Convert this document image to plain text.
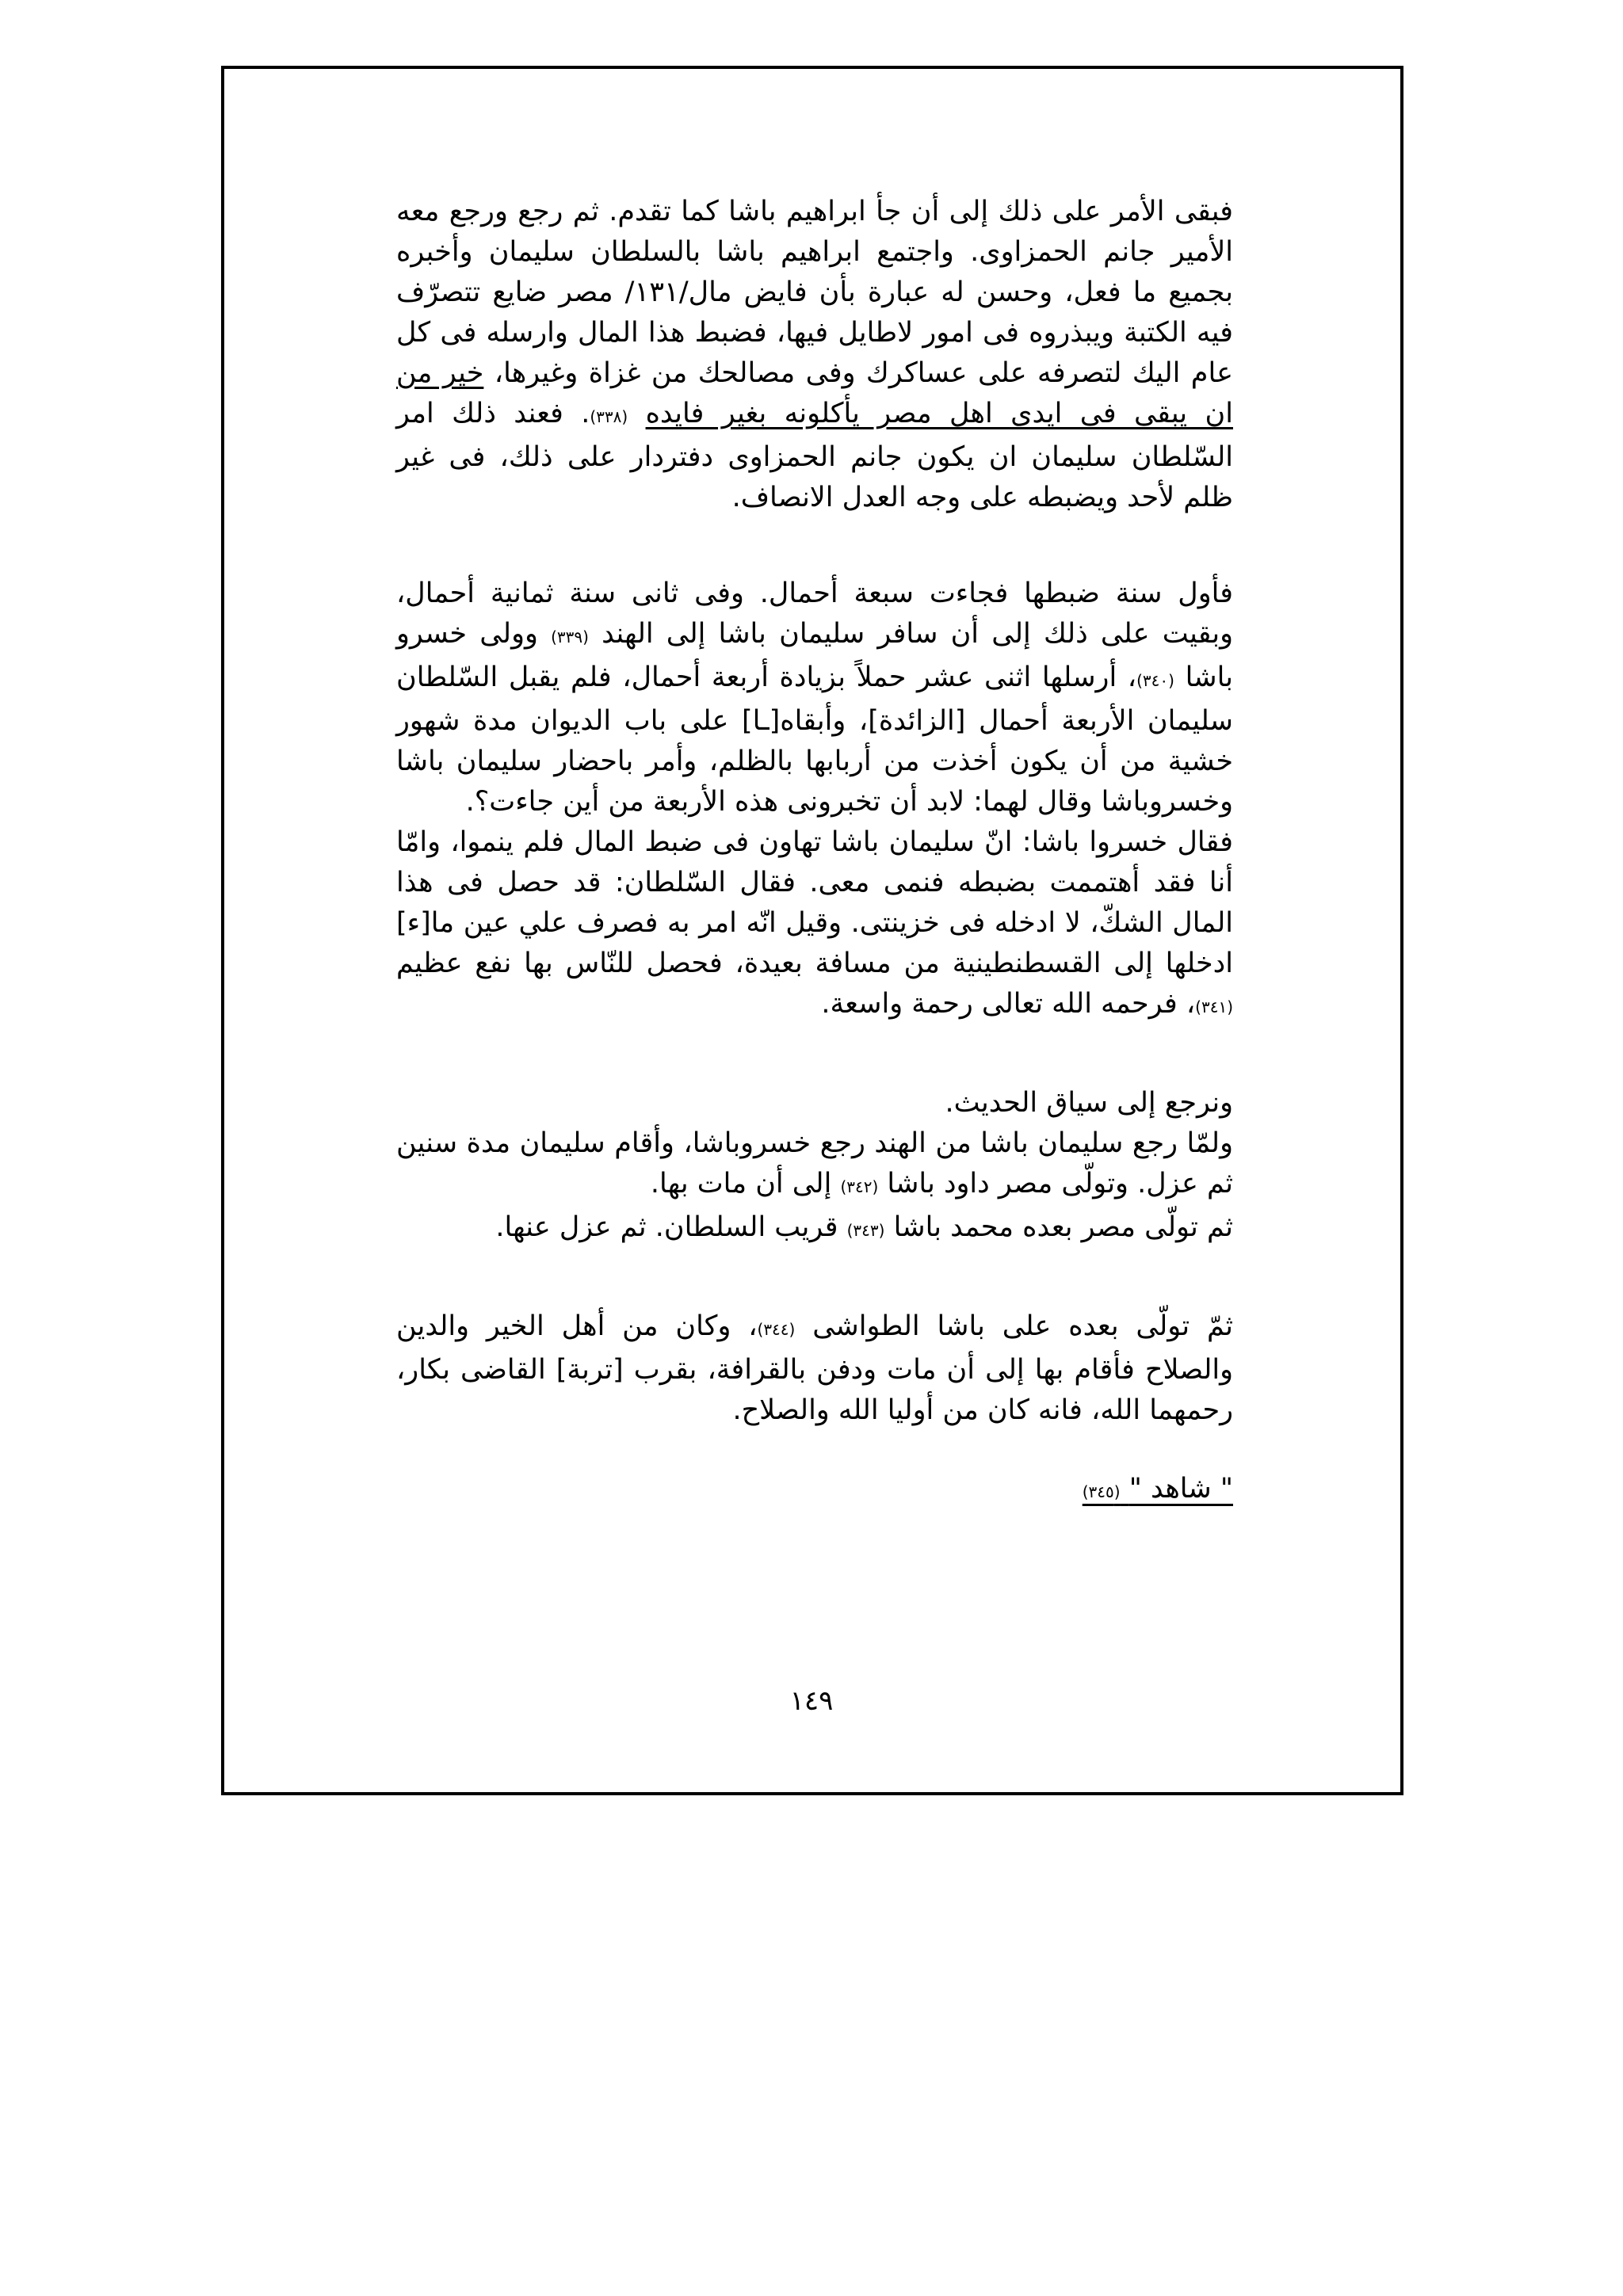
فبقى الأمر على ذلك إلى أن جأ ابراهيم باشا كما تقدم. ثم رجع ورجع معه الأمير جانم الحمزاوى. واجتمع ابراهيم باشا بالسلطان سليمان وأخبره بجميع ما فعل، وحسن له عبارة بأن فايض مال/١٣١/ مصر ضايع تتصرّف فيه الكتبة ويبذروه فى امور لاطايل فيها، فضبط هذا المال وارسله فى كل عام اليك لتصرفه على عساكرك وفى مصالحك من غزاة وغيرها، خير من ان يبقى فى ايدى اهل مصر يأكلونه بغير فايده (٣٣٨). فعند ذلك امر السّلطان سليمان ان يكون جانم الحمزاوى دفتردار على ذلك، فى غير ظلم لأحد ويضبطه على وجه العدل الانصاف.

فأول سنة ضبطها فجاءت سبعة أحمال. وفى ثانى سنة ثمانية أحمال، وبقيت على ذلك إلى أن سافر سليمان باشا إلى الهند (٣٣٩) وولى خسرو باشا (٣٤٠)، أرسلها اثنى عشر حملاً بزيادة أربعة أحمال، فلم يقبل السّلطان سليمان الأربعة أحمال [الزائدة]، وأبقاه[ـا] على باب الديوان مدة شهور خشية من أن يكون أخذت من أربابها بالظلم، وأمر باحضار سليمان باشا وخسروباشا وقال لهما: لابد أن تخبرونى هذه الأربعة من أين جاءت؟.

فقال خسروا باشا: انّ سليمان باشا تهاون فى ضبط المال فلم ينموا، وامّا أنا فقد أهتممت بضبطه فنمى معى. فقال السّلطان: قد حصل فى هذا المال الشكّ، لا ادخله فى خزينتى. وقيل انّه امر به فصرف علي عين ما[ء] ادخلها إلى القسطنطينية من مسافة بعيدة، فحصل للنّاس بها نفع عظيم (٣٤١)، فرحمه الله تعالى رحمة واسعة.

ونرجع إلى سياق الحديث.

ولمّا رجع سليمان باشا من الهند رجع خسروباشا، وأقام سليمان مدة سنين ثم عزل. وتولّى مصر داود باشا (٣٤٢) إلى أن مات بها.

ثم تولّى مصر بعده محمد باشا (٣٤٣) قريب السلطان. ثم عزل عنها.

ثمّ تولّى بعده على باشا الطواشى (٣٤٤)، وكان من أهل الخير والدين والصلاح فأقام بها إلى أن مات ودفن بالقرافة، بقرب [تربة] القاضى بكار، رحمهما الله، فانه كان من أوليا الله والصلاح.

" شاهد " (٣٤٥)
١٤٩
